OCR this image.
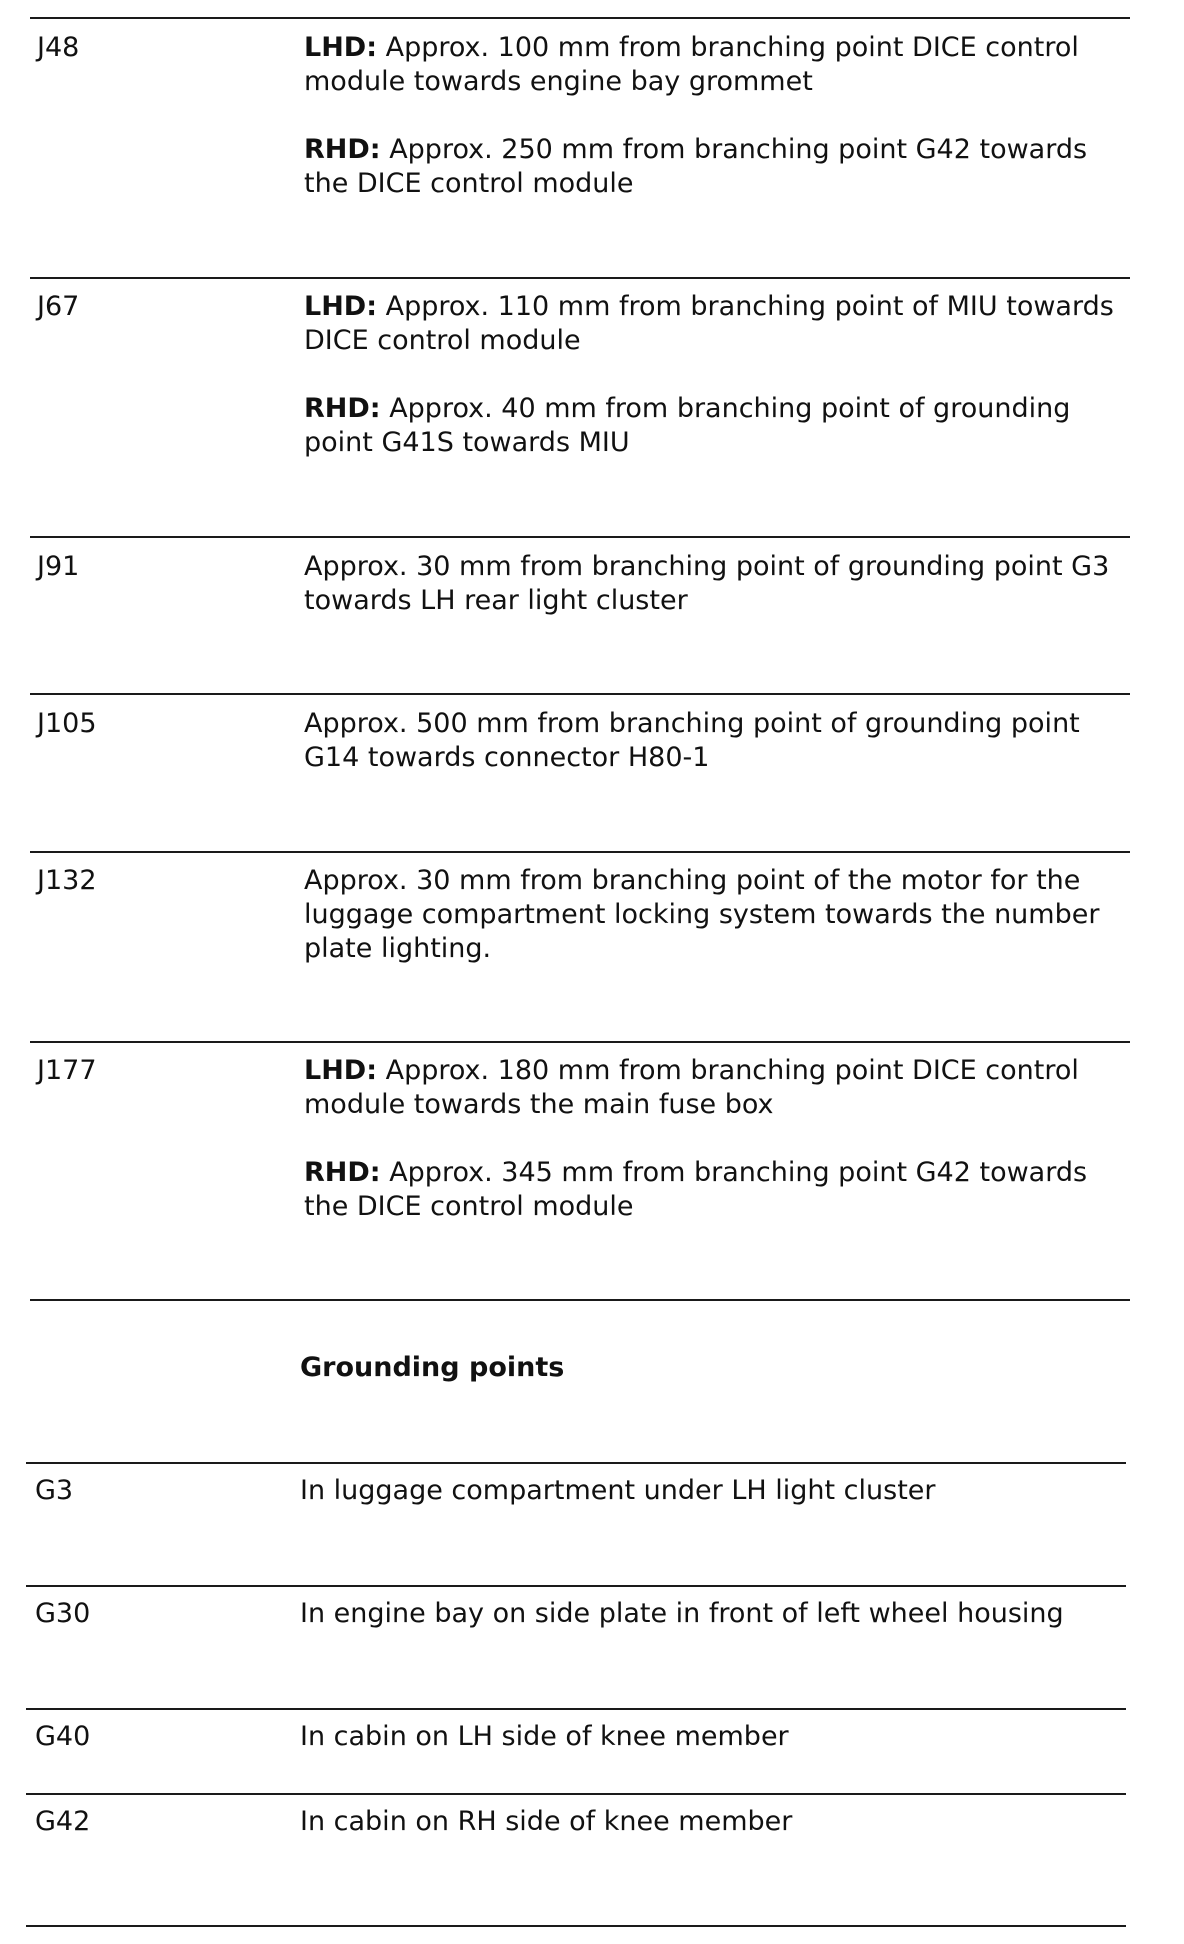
J48	LHD: Approx. 100 mm from branching point DICE control module towards engine bay grommet

RHD: Approx. 250 mm from branching point G42 towards the DICE control module

J67	LHD: Approx. 110 mm from branching point of MIU towards DICE control module

RHD: Approx. 40 mm from branching point of grounding point G41S towards MIU

J91	Approx. 30 mm from branching point of grounding point G3 towards LH rear light cluster

J105	Approx. 500 mm from branching point of grounding point G14 towards connector H80-1

J132	Approx. 30 mm from branching point of the motor for the luggage compartment locking system towards the number plate lighting.

J177	LHD: Approx. 180 mm from branching point DICE control module towards the main fuse box

RHD: Approx. 345 mm from branching point G42 towards the DICE control module

Grounding points
G3	In luggage compartment under LH light cluster
G30	In engine bay on side plate in front of left wheel housing
G40	In cabin on LH side of knee member
G42	In cabin on RH side of knee member
